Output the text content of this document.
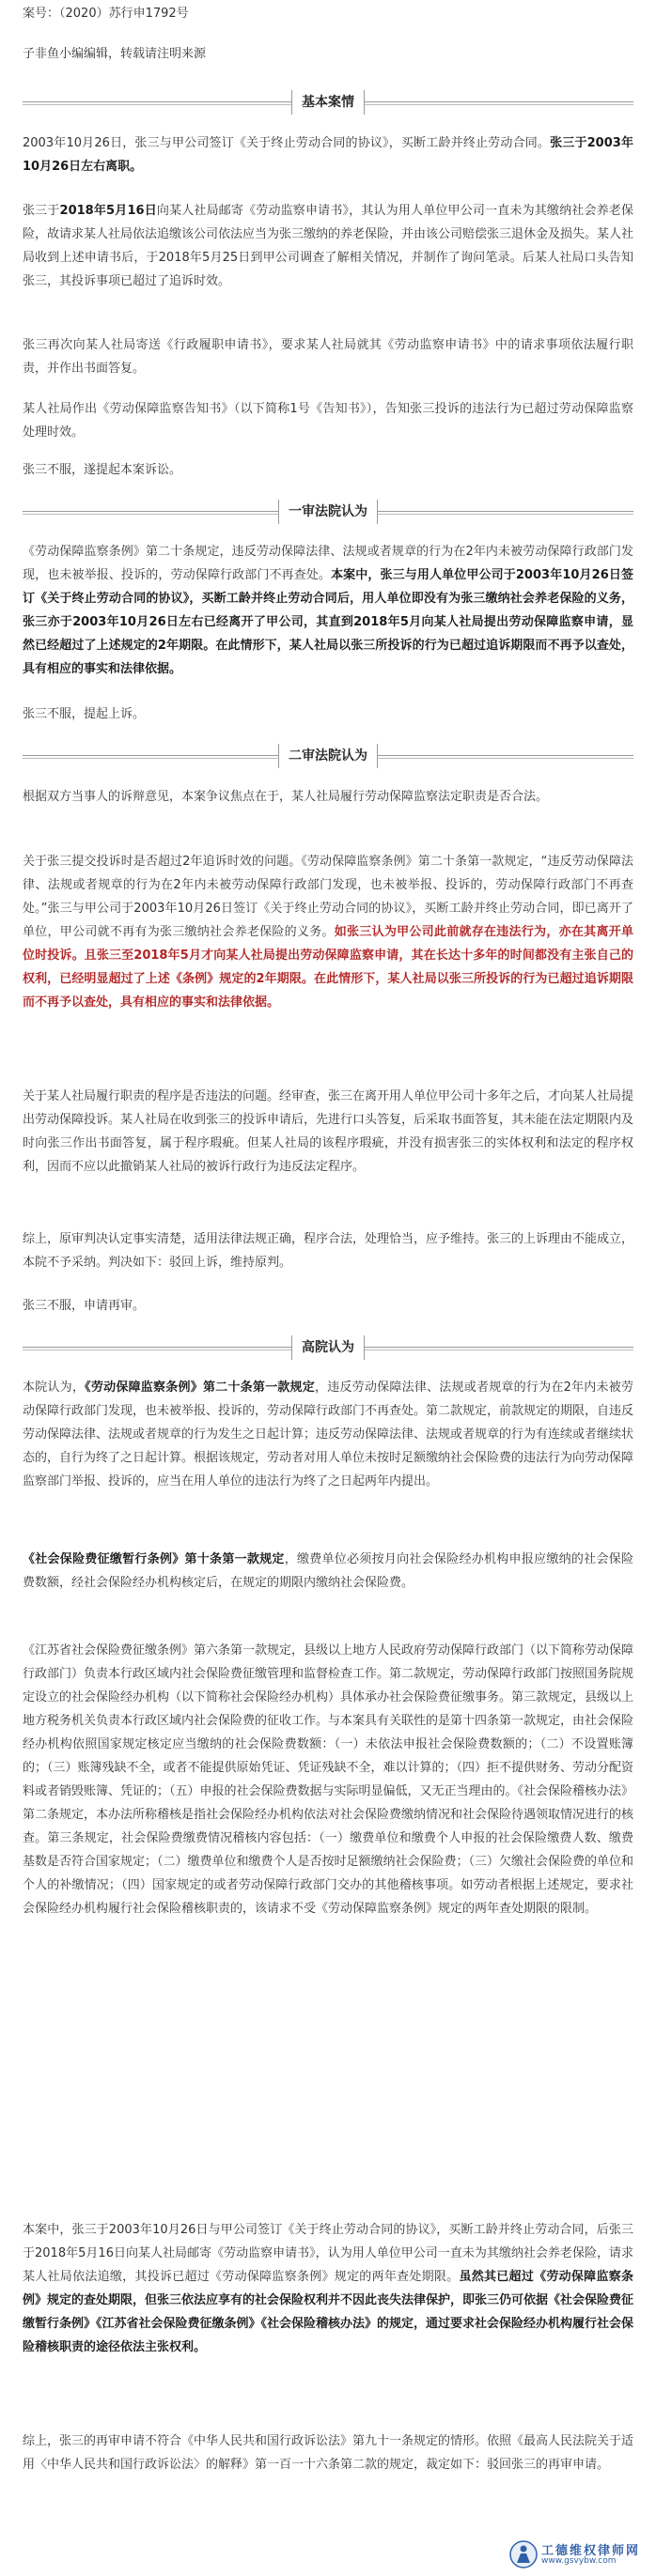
案号：（2020）苏行申1792号

子非鱼小编编辑，转载请注明来源

基本案情

2003年10月26日，张三与甲公司签订《关于终止劳动合同的协议》，买断工龄并终止劳动合同。张三于2003年10月26日左右离职。

张三于2018年5月16日向某人社局邮寄《劳动监察申请书》，其认为用人单位甲公司一直未为其缴纳社会养老保险，故请求某人社局依法追缴该公司依法应当为张三缴纳的养老保险，并由该公司赔偿张三退休金及损失。某人社局收到上述申请书后，于2018年5月25日到甲公司调查了解相关情况，并制作了询问笔录。后某人社局口头告知张三，其投诉事项已超过了追诉时效。

张三再次向某人社局寄送《行政履职申请书》，要求某人社局就其《劳动监察申请书》中的请求事项依法履行职责，并作出书面答复。

某人社局作出《劳动保障监察告知书》（以下简称1号《告知书》），告知张三投诉的违法行为已超过劳动保障监察处理时效。

张三不服，遂提起本案诉讼。

一审法院认为

《劳动保障监察条例》第二十条规定，违反劳动保障法律、法规或者规章的行为在2年内未被劳动保障行政部门发现，也未被举报、投诉的，劳动保障行政部门不再查处。本案中，张三与用人单位甲公司于2003年10月26日签订《关于终止劳动合同的协议》，买断工龄并终止劳动合同后，用人单位即没有为张三缴纳社会养老保险的义务，张三亦于2003年10月26日左右已经离开了甲公司，其直到2018年5月向某人社局提出劳动保障监察申请，显然已经超过了上述规定的2年期限。在此情形下，某人社局以张三所投诉的行为已超过追诉期限而不再予以查处，具有相应的事实和法律依据。

张三不服，提起上诉。

二审法院认为

根据双方当事人的诉辩意见，本案争议焦点在于，某人社局履行劳动保障监察法定职责是否合法。

关于张三提交投诉时是否超过2年追诉时效的问题。《劳动保障监察条例》第二十条第一款规定，“违反劳动保障法律、法规或者规章的行为在2年内未被劳动保障行政部门发现，也未被举报、投诉的，劳动保障行政部门不再查处。”张三与甲公司于2003年10月26日签订《关于终止劳动合同的协议》，买断工龄并终止劳动合同，即已离开了单位，甲公司就不再有为张三缴纳社会养老保险的义务。如张三认为甲公司此前就存在违法行为，亦在其离开单位时投诉。且张三至2018年5月才向某人社局提出劳动保障监察申请，其在长达十多年的时间都没有主张自己的权利，已经明显超过了上述《条例》规定的2年期限。在此情形下，某人社局以张三所投诉的行为已超过追诉期限而不再予以查处，具有相应的事实和法律依据。

关于某人社局履行职责的程序是否违法的问题。经审查，张三在离开用人单位甲公司十多年之后，才向某人社局提出劳动保障投诉。某人社局在收到张三的投诉申请后，先进行口头答复，后采取书面答复，其未能在法定期限内及时向张三作出书面答复，属于程序瑕疵。但某人社局的该程序瑕疵，并没有损害张三的实体权利和法定的程序权利，因而不应以此撤销某人社局的被诉行政行为违反法定程序。

综上，原审判决认定事实清楚，适用法律法规正确，程序合法，处理恰当，应予维持。张三的上诉理由不能成立，本院不予采纳。判决如下：驳回上诉，维持原判。

张三不服，申请再审。

高院认为

本院认为，《劳动保障监察条例》第二十条第一款规定，违反劳动保障法律、法规或者规章的行为在2年内未被劳动保障行政部门发现，也未被举报、投诉的，劳动保障行政部门不再查处。第二款规定，前款规定的期限，自违反劳动保障法律、法规或者规章的行为发生之日起计算；违反劳动保障法律、法规或者规章的行为有连续或者继续状态的，自行为终了之日起计算。根据该规定，劳动者对用人单位未按时足额缴纳社会保险费的违法行为向劳动保障监察部门举报、投诉的，应当在用人单位的违法行为终了之日起两年内提出。

《社会保险费征缴暂行条例》第十条第一款规定，缴费单位必须按月向社会保险经办机构申报应缴纳的社会保险费数额，经社会保险经办机构核定后，在规定的期限内缴纳社会保险费。

《江苏省社会保险费征缴条例》第六条第一款规定，县级以上地方人民政府劳动保障行政部门（以下简称劳动保障行政部门）负责本行政区域内社会保险费征缴管理和监督检查工作。第二款规定，劳动保障行政部门按照国务院规定设立的社会保险经办机构（以下简称社会保险经办机构）具体承办社会保险费征缴事务。第三款规定，县级以上地方税务机关负责本行政区域内社会保险费的征收工作。与本案具有关联性的是第十四条第一款规定，由社会保险经办机构依照国家规定核定应当缴纳的社会保险费数额：（一）未依法申报社会保险费数额的；（二）不设置账簿的；（三）账簿残缺不全，或者不能提供原始凭证、凭证残缺不全，难以计算的；（四）拒不提供财务、劳动分配资料或者销毁账簿、凭证的；（五）申报的社会保险费数据与实际明显偏低，又无正当理由的。《社会保险稽核办法》第二条规定，本办法所称稽核是指社会保险经办机构依法对社会保险费缴纳情况和社会保险待遇领取情况进行的核查。第三条规定，社会保险费缴费情况稽核内容包括：（一）缴费单位和缴费个人申报的社会保险缴费人数、缴费基数是否符合国家规定；（二）缴费单位和缴费个人是否按时足额缴纳社会保险费；（三）欠缴社会保险费的单位和个人的补缴情况；（四）国家规定的或者劳动保障行政部门交办的其他稽核事项。如劳动者根据上述规定，要求社会保险经办机构履行社会保险稽核职责的，该请求不受《劳动保障监察条例》规定的两年查处期限的限制。

本案中，张三于2003年10月26日与甲公司签订《关于终止劳动合同的协议》，买断工龄并终止劳动合同，后张三于2018年5月16日向某人社局邮寄《劳动监察申请书》，认为用人单位甲公司一直未为其缴纳社会养老保险，请求某人社局依法追缴，其投诉已超过《劳动保障监察条例》规定的两年查处期限。虽然其已超过《劳动保障监察条例》规定的查处期限，但张三依法应享有的社会保险权利并不因此丧失法律保护，即张三仍可依据《社会保险费征缴暂行条例》《江苏省社会保险费征缴条例》《社会保险稽核办法》的规定，通过要求社会保险经办机构履行社会保险稽核职责的途径依法主张权利。

综上，张三的再审申请不符合《中华人民共和国行政诉讼法》第九十一条规定的情形。依照《最高人民法院关于适用〈中华人民共和国行政诉讼法〉的解释》第一百一十六条第二款的规定，裁定如下：驳回张三的再审申请。

工德维权律师网
www.gsvybw.com
